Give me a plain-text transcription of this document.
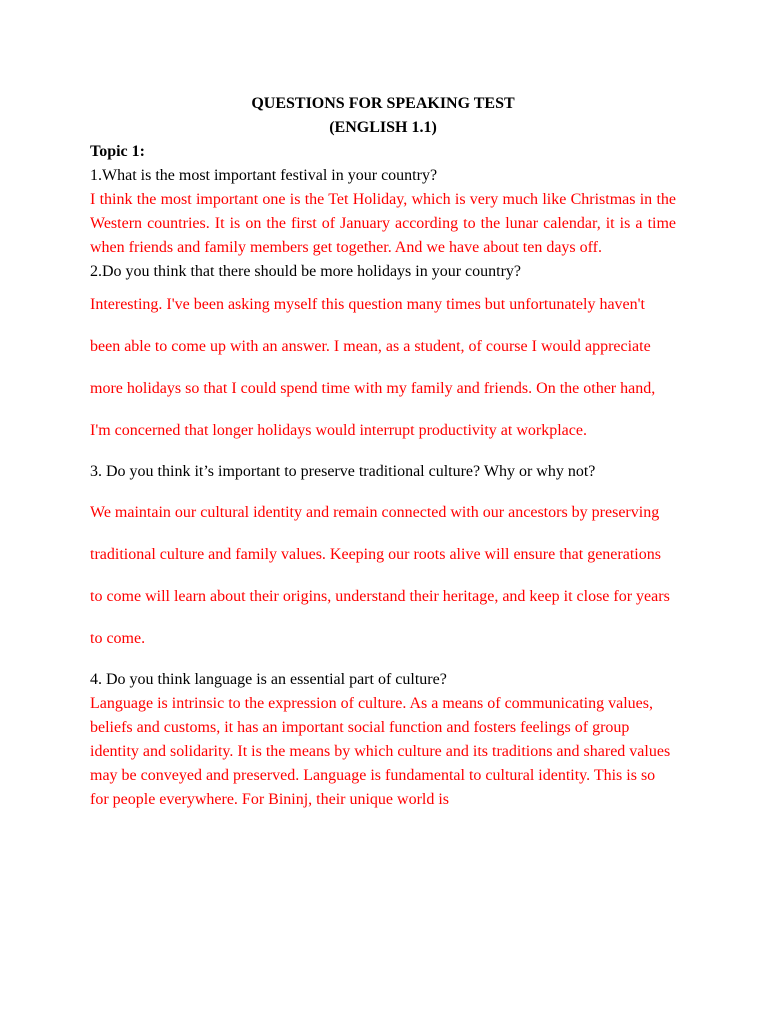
QUESTIONS FOR SPEAKING TEST

(ENGLISH 1.1)

Topic 1:

1.What is the most important festival in your country?

I think the most important one is the Tet Holiday, which is very much like Christmas in the Western countries. It is on the first of January according to the lunar calendar, it is a time when friends and family members get together. And we have about ten days off.

2.Do you think that there should be more holidays in your country?

Interesting. I've been asking myself this question many times but unfortunately haven't been able to come up with an answer. I mean, as a student, of course I would appreciate more holidays so that I could spend time with my family and friends. On the other hand, I'm concerned that longer holidays would interrupt productivity at workplace.

3. Do you think it’s important to preserve traditional culture? Why or why not?

We maintain our cultural identity and remain connected with our ancestors by preserving traditional culture and family values. Keeping our roots alive will ensure that generations to come will learn about their origins, understand their heritage, and keep it close for years to come.

4. Do you think language is an essential part of culture?

Language is intrinsic to the expression of culture. As a means of communicating values, beliefs and customs, it has an important social function and fosters feelings of group identity and solidarity. It is the means by which culture and its traditions and shared values may be conveyed and preserved. Language is fundamental to cultural identity. This is so for people everywhere. For Bininj, their unique world is
